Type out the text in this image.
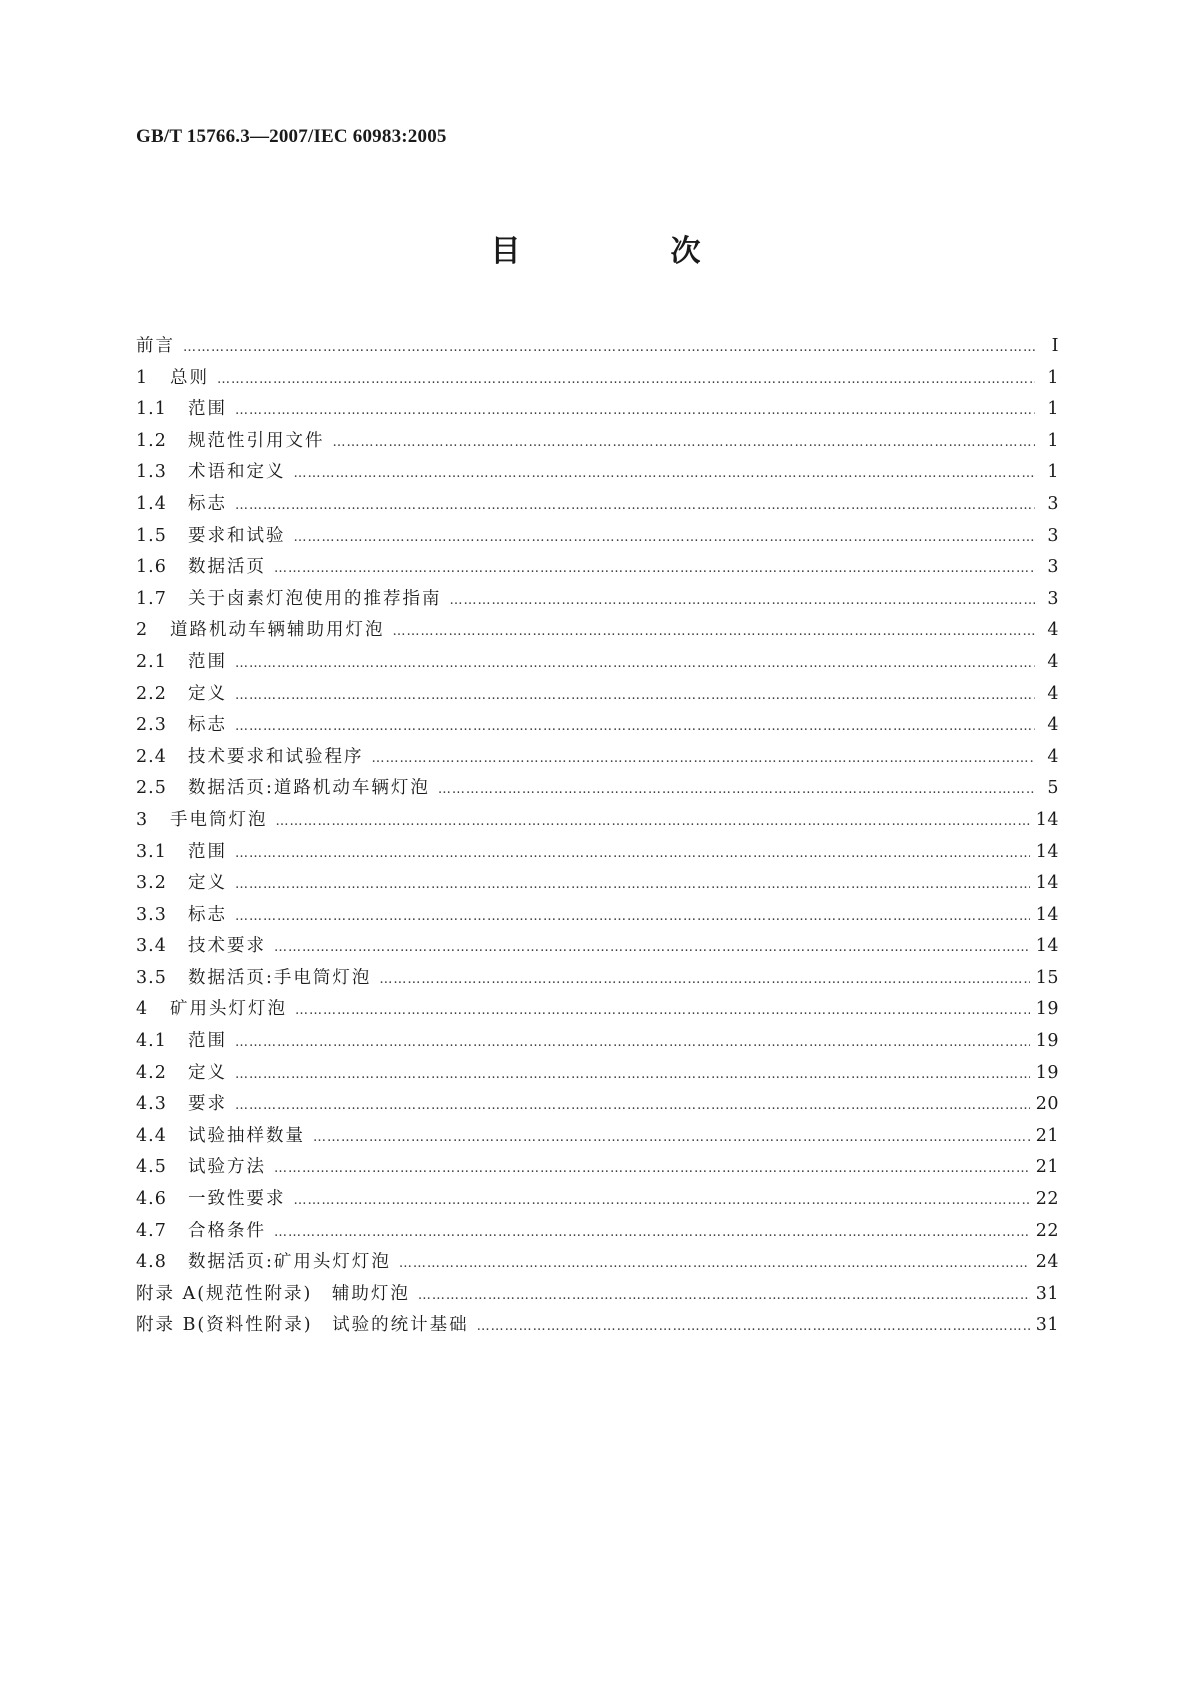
GB/T 15766.3—2007/IEC 60983:2005
目　次
前言 …………………………………………………………………………………………………………………………………………………………………………………………………………………………	I
1	总则 …………………………………………………………………………………………………………………………………………………………………………………………………………………………	1
1.1	范围 …………………………………………………………………………………………………………………………………………………………………………………………………………………………	1
1.2	规范性引用文件 …………………………………………………………………………………………………………………………………………………………………………………………………………………………	1
1.3	术语和定义 …………………………………………………………………………………………………………………………………………………………………………………………………………………………	1
1.4	标志 …………………………………………………………………………………………………………………………………………………………………………………………………………………………	3
1.5	要求和试验 …………………………………………………………………………………………………………………………………………………………………………………………………………………………	3
1.6	数据活页 …………………………………………………………………………………………………………………………………………………………………………………………………………………………	3
1.7	关于卤素灯泡使用的推荐指南 …………………………………………………………………………………………………………………………………………………………………………………………………………………………	3
2	道路机动车辆辅助用灯泡 …………………………………………………………………………………………………………………………………………………………………………………………………………………………	4
2.1	范围 …………………………………………………………………………………………………………………………………………………………………………………………………………………………	4
2.2	定义 …………………………………………………………………………………………………………………………………………………………………………………………………………………………	4
2.3	标志 …………………………………………………………………………………………………………………………………………………………………………………………………………………………	4
2.4	技术要求和试验程序 …………………………………………………………………………………………………………………………………………………………………………………………………………………………	4
2.5	数据活页:道路机动车辆灯泡 …………………………………………………………………………………………………………………………………………………………………………………………………………………………	5
3	手电筒灯泡 …………………………………………………………………………………………………………………………………………………………………………………………………………………………	14
3.1	范围 …………………………………………………………………………………………………………………………………………………………………………………………………………………………	14
3.2	定义 …………………………………………………………………………………………………………………………………………………………………………………………………………………………	14
3.3	标志 …………………………………………………………………………………………………………………………………………………………………………………………………………………………	14
3.4	技术要求 …………………………………………………………………………………………………………………………………………………………………………………………………………………………	14
3.5	数据活页:手电筒灯泡 …………………………………………………………………………………………………………………………………………………………………………………………………………………………	15
4	矿用头灯灯泡 …………………………………………………………………………………………………………………………………………………………………………………………………………………………	19
4.1	范围 …………………………………………………………………………………………………………………………………………………………………………………………………………………………	19
4.2	定义 …………………………………………………………………………………………………………………………………………………………………………………………………………………………	19
4.3	要求 …………………………………………………………………………………………………………………………………………………………………………………………………………………………	20
4.4	试验抽样数量 …………………………………………………………………………………………………………………………………………………………………………………………………………………………	21
4.5	试验方法 …………………………………………………………………………………………………………………………………………………………………………………………………………………………	21
4.6	一致性要求 …………………………………………………………………………………………………………………………………………………………………………………………………………………………	22
4.7	合格条件 …………………………………………………………………………………………………………………………………………………………………………………………………………………………	22
4.8	数据活页:矿用头灯灯泡 …………………………………………………………………………………………………………………………………………………………………………………………………………………………	24
附录 A(规范性附录)　辅助灯泡 …………………………………………………………………………………………………………………………………………………………………………………………………………………………	31
附录 B(资料性附录)　试验的统计基础 …………………………………………………………………………………………………………………………………………………………………………………………………………………………	31
